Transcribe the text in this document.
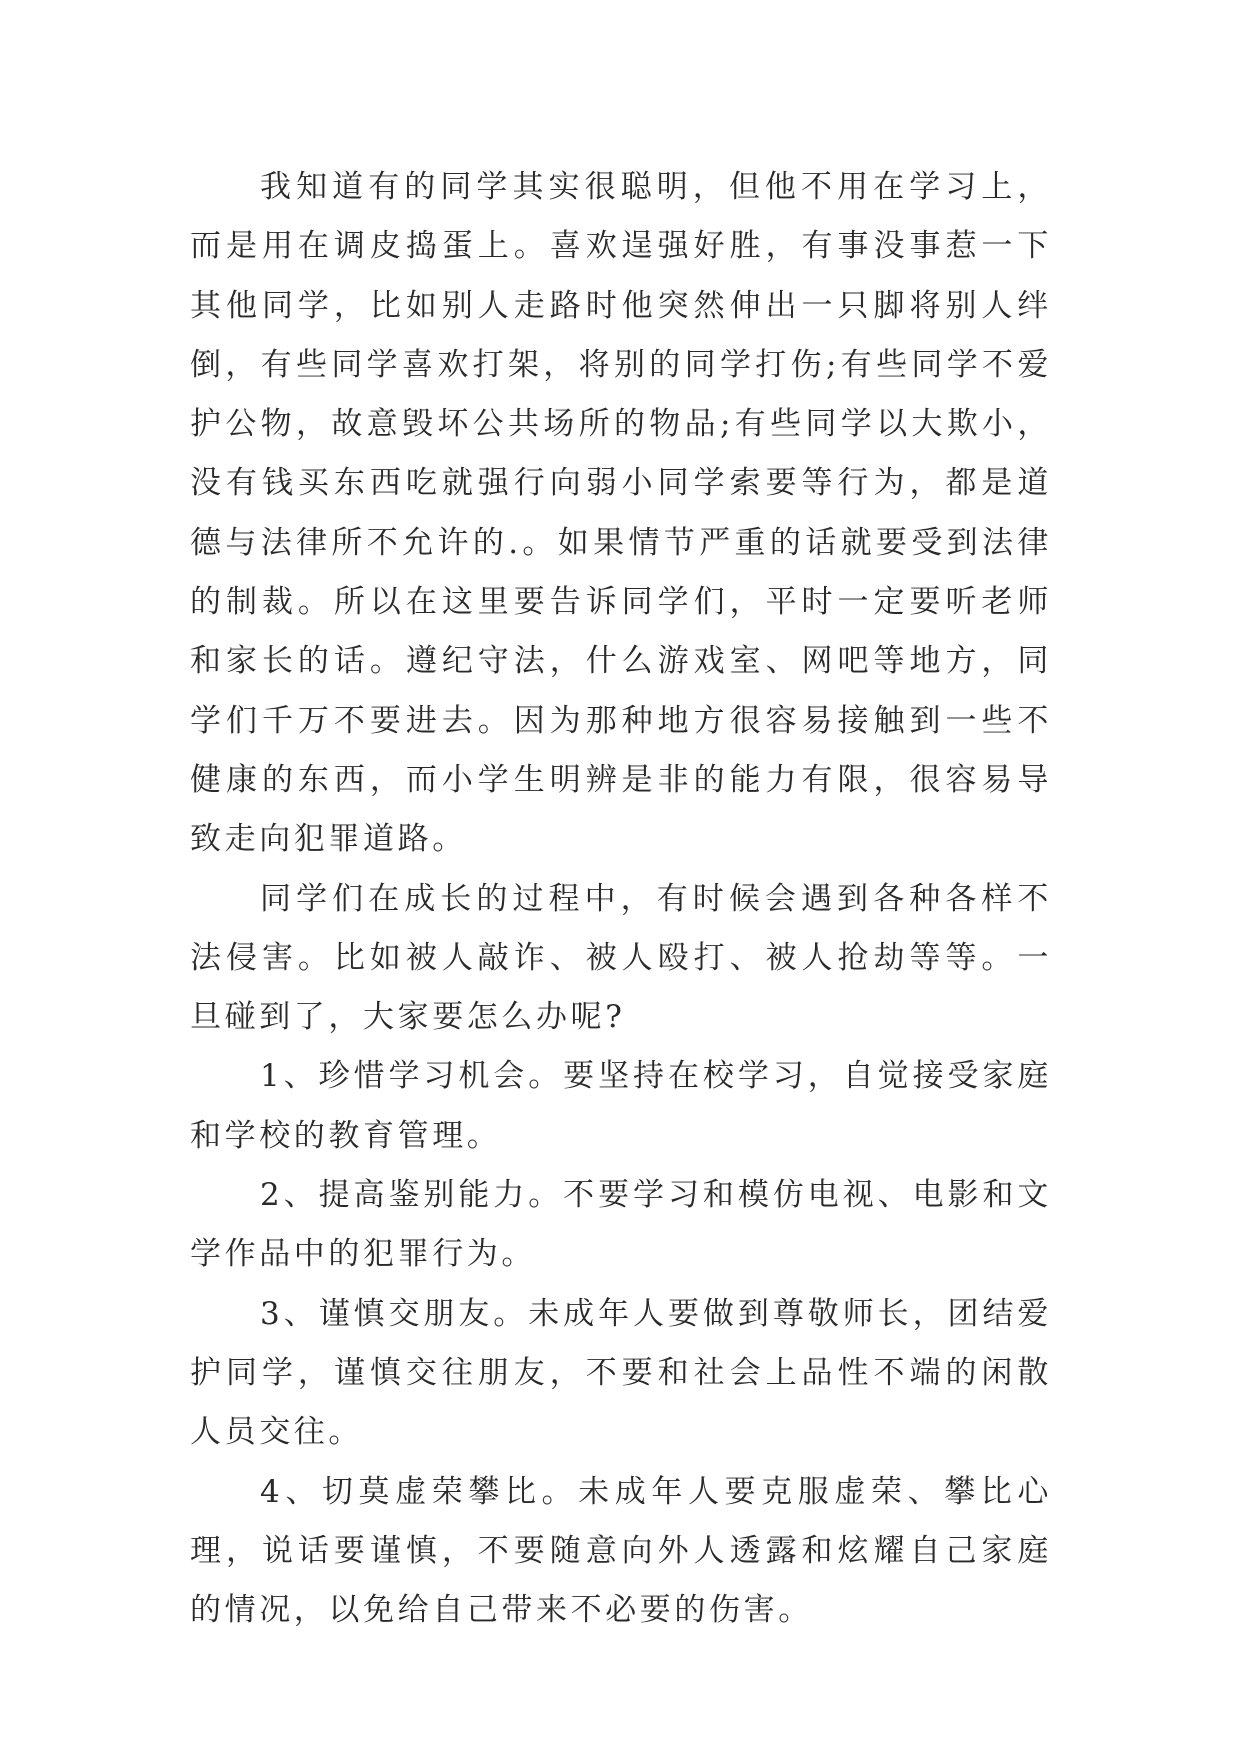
我知道有的同学其实很聪明，但他不用在学习上，而是用在调皮捣蛋上。喜欢逞强好胜，有事没事惹一下其他同学，比如别人走路时他突然伸出一只脚将别人绊倒，有些同学喜欢打架，将别的同学打伤;有些同学不爱护公物，故意毁坏公共场所的物品;有些同学以大欺小，没有钱买东西吃就强行向弱小同学索要等行为，都是道德与法律所不允许的.。如果情节严重的话就要受到法律的制裁。所以在这里要告诉同学们，平时一定要听老师和家长的话。遵纪守法，什么游戏室、网吧等地方，同学们千万不要进去。因为那种地方很容易接触到一些不健康的东西，而小学生明辨是非的能力有限，很容易导致走向犯罪道路。

同学们在成长的过程中，有时候会遇到各种各样不法侵害。比如被人敲诈、被人殴打、被人抢劫等等。一旦碰到了，大家要怎么办呢?

1、珍惜学习机会。要坚持在校学习，自觉接受家庭和学校的教育管理。

2、提高鉴别能力。不要学习和模仿电视、电影和文学作品中的犯罪行为。

3、谨慎交朋友。未成年人要做到尊敬师长，团结爱护同学，谨慎交往朋友，不要和社会上品性不端的闲散人员交往。

4、切莫虚荣攀比。未成年人要克服虚荣、攀比心理，说话要谨慎，不要随意向外人透露和炫耀自己家庭的情况，以免给自己带来不必要的伤害。
